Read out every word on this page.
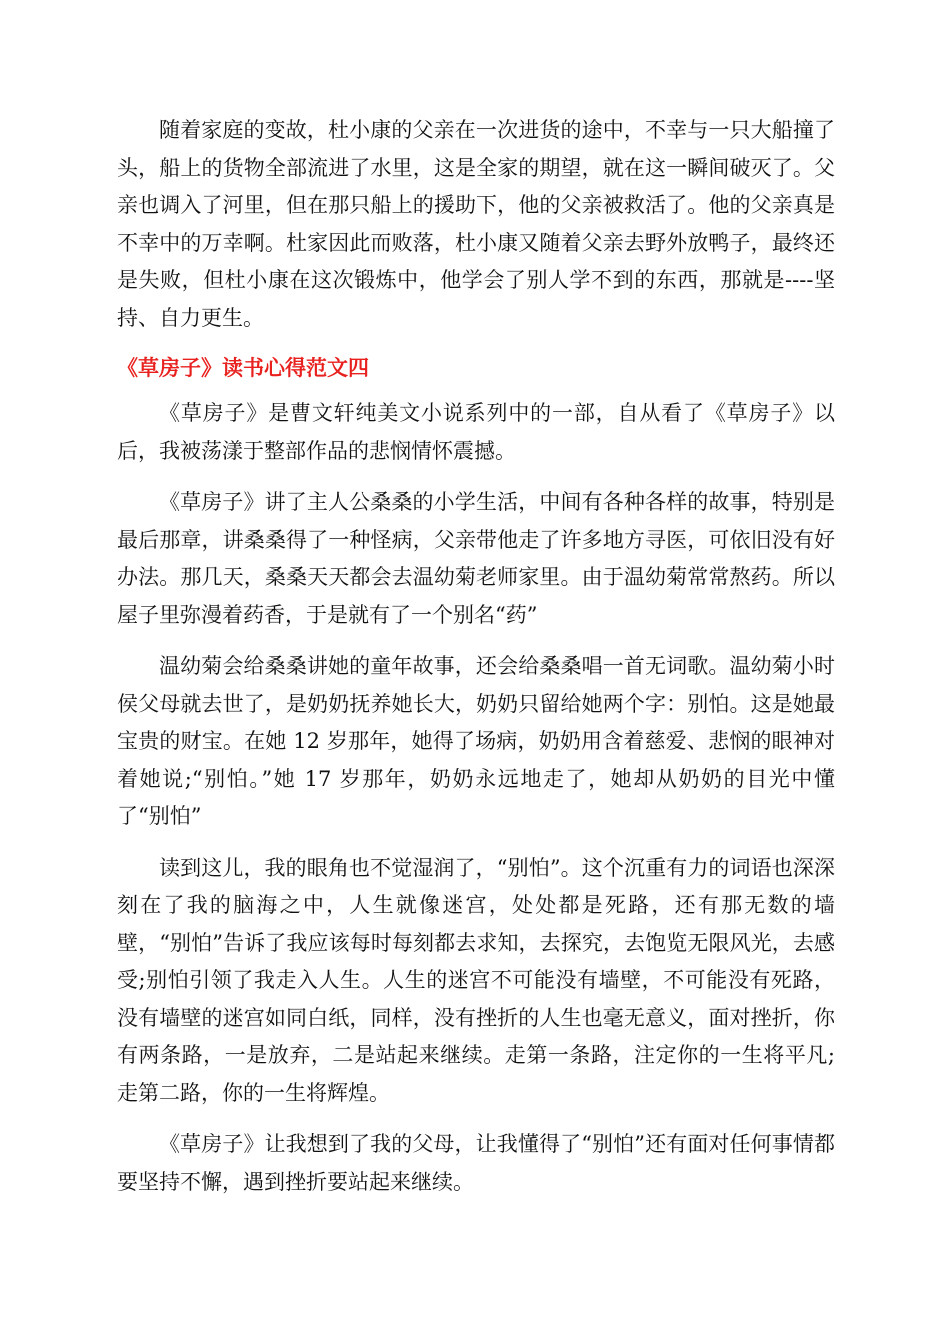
随着家庭的变故，杜小康的父亲在一次进货的途中，不幸与一只大船撞了头，船上的货物全部流进了水里，这是全家的期望，就在这一瞬间破灭了。父亲也调入了河里，但在那只船上的援助下，他的父亲被救活了。他的父亲真是不幸中的万幸啊。杜家因此而败落，杜小康又随着父亲去野外放鸭子，最终还是失败，但杜小康在这次锻炼中，他学会了别人学不到的东西，那就是----坚持、自力更生。

《草房子》读书心得范文四

《草房子》是曹文轩纯美文小说系列中的一部，自从看了《草房子》以后，我被荡漾于整部作品的悲悯情怀震撼。

《草房子》讲了主人公桑桑的小学生活，中间有各种各样的故事，特别是最后那章，讲桑桑得了一种怪病，父亲带他走了许多地方寻医，可依旧没有好办法。那几天，桑桑天天都会去温幼菊老师家里。由于温幼菊常常熬药。所以屋子里弥漫着药香，于是就有了一个别名“药”

温幼菊会给桑桑讲她的童年故事，还会给桑桑唱一首无词歌。温幼菊小时侯父母就去世了，是奶奶抚养她长大，奶奶只留给她两个字：别怕。这是她最宝贵的财宝。在她 12 岁那年，她得了场病，奶奶用含着慈爱、悲悯的眼神对着她说;“别怕。”她 17 岁那年，奶奶永远地走了，她却从奶奶的目光中懂了“别怕”

读到这儿，我的眼角也不觉湿润了，“别怕”。这个沉重有力的词语也深深刻在了我的脑海之中，人生就像迷宫，处处都是死路，还有那无数的墙壁，“别怕”告诉了我应该每时每刻都去求知，去探究，去饱览无限风光，去感受;别怕引领了我走入人生。人生的迷宫不可能没有墙壁，不可能没有死路，没有墙壁的迷宫如同白纸，同样，没有挫折的人生也毫无意义，面对挫折，你有两条路，一是放弃，二是站起来继续。走第一条路，注定你的一生将平凡;走第二路，你的一生将辉煌。

《草房子》让我想到了我的父母，让我懂得了“别怕”还有面对任何事情都要坚持不懈，遇到挫折要站起来继续。
